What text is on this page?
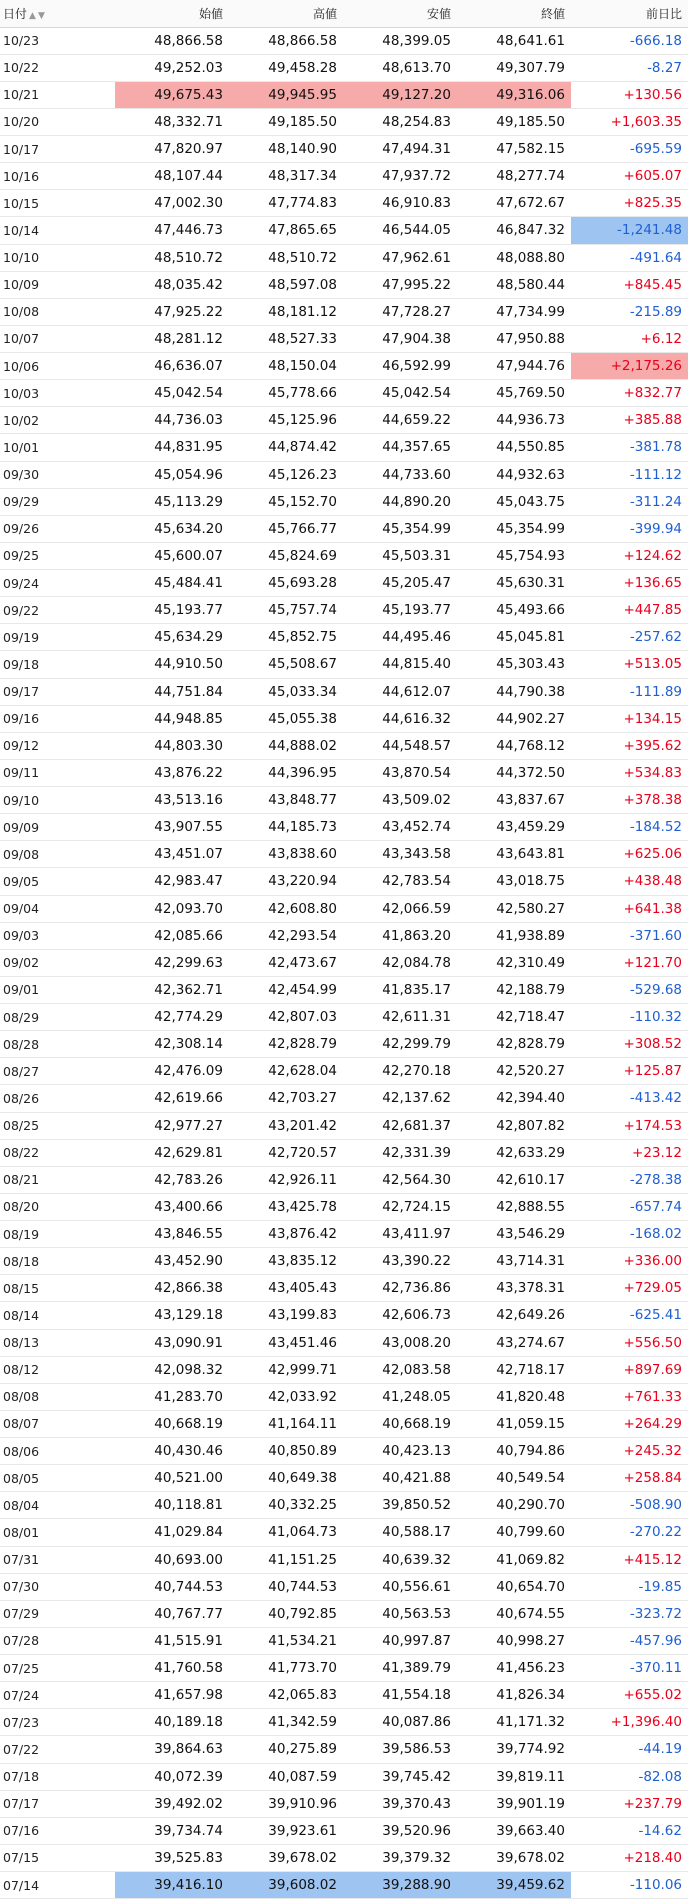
日付 ▲ ▼	始値	高値	安値	終値	前日比
10/23	48,866.58	48,866.58	48,399.05	48,641.61	-666.18
10/22	49,252.03	49,458.28	48,613.70	49,307.79	-8.27
10/21	49,675.43	49,945.95	49,127.20	49,316.06	+130.56
10/20	48,332.71	49,185.50	48,254.83	49,185.50	+1,603.35
10/17	47,820.97	48,140.90	47,494.31	47,582.15	-695.59
10/16	48,107.44	48,317.34	47,937.72	48,277.74	+605.07
10/15	47,002.30	47,774.83	46,910.83	47,672.67	+825.35
10/14	47,446.73	47,865.65	46,544.05	46,847.32	-1,241.48
10/10	48,510.72	48,510.72	47,962.61	48,088.80	-491.64
10/09	48,035.42	48,597.08	47,995.22	48,580.44	+845.45
10/08	47,925.22	48,181.12	47,728.27	47,734.99	-215.89
10/07	48,281.12	48,527.33	47,904.38	47,950.88	+6.12
10/06	46,636.07	48,150.04	46,592.99	47,944.76	+2,175.26
10/03	45,042.54	45,778.66	45,042.54	45,769.50	+832.77
10/02	44,736.03	45,125.96	44,659.22	44,936.73	+385.88
10/01	44,831.95	44,874.42	44,357.65	44,550.85	-381.78
09/30	45,054.96	45,126.23	44,733.60	44,932.63	-111.12
09/29	45,113.29	45,152.70	44,890.20	45,043.75	-311.24
09/26	45,634.20	45,766.77	45,354.99	45,354.99	-399.94
09/25	45,600.07	45,824.69	45,503.31	45,754.93	+124.62
09/24	45,484.41	45,693.28	45,205.47	45,630.31	+136.65
09/22	45,193.77	45,757.74	45,193.77	45,493.66	+447.85
09/19	45,634.29	45,852.75	44,495.46	45,045.81	-257.62
09/18	44,910.50	45,508.67	44,815.40	45,303.43	+513.05
09/17	44,751.84	45,033.34	44,612.07	44,790.38	-111.89
09/16	44,948.85	45,055.38	44,616.32	44,902.27	+134.15
09/12	44,803.30	44,888.02	44,548.57	44,768.12	+395.62
09/11	43,876.22	44,396.95	43,870.54	44,372.50	+534.83
09/10	43,513.16	43,848.77	43,509.02	43,837.67	+378.38
09/09	43,907.55	44,185.73	43,452.74	43,459.29	-184.52
09/08	43,451.07	43,838.60	43,343.58	43,643.81	+625.06
09/05	42,983.47	43,220.94	42,783.54	43,018.75	+438.48
09/04	42,093.70	42,608.80	42,066.59	42,580.27	+641.38
09/03	42,085.66	42,293.54	41,863.20	41,938.89	-371.60
09/02	42,299.63	42,473.67	42,084.78	42,310.49	+121.70
09/01	42,362.71	42,454.99	41,835.17	42,188.79	-529.68
08/29	42,774.29	42,807.03	42,611.31	42,718.47	-110.32
08/28	42,308.14	42,828.79	42,299.79	42,828.79	+308.52
08/27	42,476.09	42,628.04	42,270.18	42,520.27	+125.87
08/26	42,619.66	42,703.27	42,137.62	42,394.40	-413.42
08/25	42,977.27	43,201.42	42,681.37	42,807.82	+174.53
08/22	42,629.81	42,720.57	42,331.39	42,633.29	+23.12
08/21	42,783.26	42,926.11	42,564.30	42,610.17	-278.38
08/20	43,400.66	43,425.78	42,724.15	42,888.55	-657.74
08/19	43,846.55	43,876.42	43,411.97	43,546.29	-168.02
08/18	43,452.90	43,835.12	43,390.22	43,714.31	+336.00
08/15	42,866.38	43,405.43	42,736.86	43,378.31	+729.05
08/14	43,129.18	43,199.83	42,606.73	42,649.26	-625.41
08/13	43,090.91	43,451.46	43,008.20	43,274.67	+556.50
08/12	42,098.32	42,999.71	42,083.58	42,718.17	+897.69
08/08	41,283.70	42,033.92	41,248.05	41,820.48	+761.33
08/07	40,668.19	41,164.11	40,668.19	41,059.15	+264.29
08/06	40,430.46	40,850.89	40,423.13	40,794.86	+245.32
08/05	40,521.00	40,649.38	40,421.88	40,549.54	+258.84
08/04	40,118.81	40,332.25	39,850.52	40,290.70	-508.90
08/01	41,029.84	41,064.73	40,588.17	40,799.60	-270.22
07/31	40,693.00	41,151.25	40,639.32	41,069.82	+415.12
07/30	40,744.53	40,744.53	40,556.61	40,654.70	-19.85
07/29	40,767.77	40,792.85	40,563.53	40,674.55	-323.72
07/28	41,515.91	41,534.21	40,997.87	40,998.27	-457.96
07/25	41,760.58	41,773.70	41,389.79	41,456.23	-370.11
07/24	41,657.98	42,065.83	41,554.18	41,826.34	+655.02
07/23	40,189.18	41,342.59	40,087.86	41,171.32	+1,396.40
07/22	39,864.63	40,275.89	39,586.53	39,774.92	-44.19
07/18	40,072.39	40,087.59	39,745.42	39,819.11	-82.08
07/17	39,492.02	39,910.96	39,370.43	39,901.19	+237.79
07/16	39,734.74	39,923.61	39,520.96	39,663.40	-14.62
07/15	39,525.83	39,678.02	39,379.32	39,678.02	+218.40
07/14	39,416.10	39,608.02	39,288.90	39,459.62	-110.06
